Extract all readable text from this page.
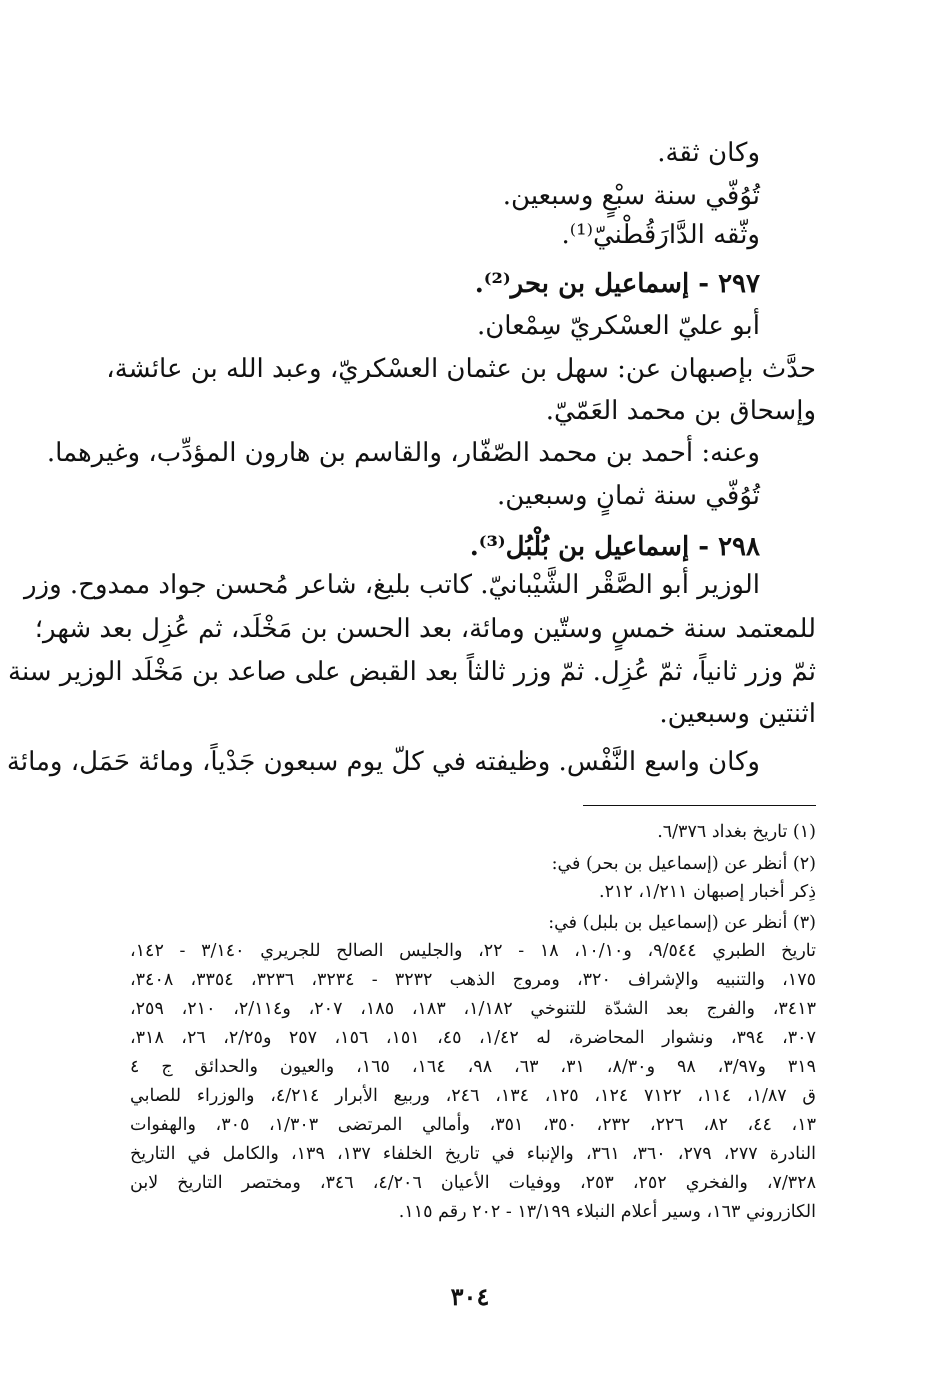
وكان ثقة.
تُوُفّي سنة سبْعٍ وسبعين.
وثّقه الدَّارَقُطْنيّ⁽¹⁾.
٢٩٧ - إسماعيل بن بحر⁽²⁾.
أبو عليّ العسْكريّ سِمْعان.
حدَّث بإصبهان عن: سهل بن عثمان العسْكريّ، وعبد الله بن عائشة،
وإسحاق بن محمد العَمّيّ.
وعنه: أحمد بن محمد الصّفّار، والقاسم بن هارون المؤدِّب، وغيرهما.
تُوُفّي سنة ثمانٍ وسبعين.
٢٩٨ - إسماعيل بن بُلْبُل⁽³⁾.
الوزير أبو الصَّقْر الشَّيْبانيّ. كاتب بليغ، شاعر مُحسن جواد ممدوح. وزر
للمعتمد سنة خمسٍ وستّين ومائة، بعد الحسن بن مَخْلَد، ثم عُزِل بعد شهر؛
ثمّ وزر ثانياً، ثمّ عُزِل. ثمّ وزر ثالثاً بعد القبض على صاعد بن مَخْلَد الوزير سنة
اثنتين وسبعين.
وكان واسع النَّفْس. وظيفته في كلّ يوم سبعون جَدْياً، ومائة حَمَل، ومائة
(١) تاريخ بغداد ٦/٣٧٦.
(٢) أنظر عن (إسماعيل بن بحر) في:
ذِكر أخبار إصبهان ١/٢١١، ٢١٢.
(٣) أنظر عن (إسماعيل بن بلبل) في:
تاريخ الطبري ٩/٥٤٤، و١٠/١٠، ١٨ - ٢٢، والجليس الصالح للجريري ٣/١٤٠ - ١٤٢،
١٧٥، والتنبيه والإشراف ٣٢٠، ومروج الذهب ٣٢٣٢ - ٣٢٣٤، ٣٢٣٦، ٣٣٥٤، ٣٤٠٨،
٣٤١٣، والفرج بعد الشدّة للتنوخي ١/١٨٢، ١٨٣، ١٨٥، ٢٠٧، و٢/١١٤، ٢١٠، ٢٥٩،
٣٠٧، ٣٩٤، ونشوار المحاضرة، له ١/٤٢، ٤٥، ١٥١، ١٥٦، ٢٥٧ و٢/٢٥، ٢٦، ٣١٨،
٣١٩ و٣/٩٧، ٩٨ و٨/٣٠، ٣١، ٦٣، ٩٨، ١٦٤، ١٦٥، والعيون والحدائق ج ٤
ق ١/٨٧، ١١٤، ٧١٢٢ ١٢٤، ١٢٥، ١٣٤، ٢٤٦، وربيع الأبرار ٤/٢١٤، والوزراء للصابي
١٣، ٤٤، ٨٢، ٢٢٦، ٢٣٢، ٣٥٠، ٣٥١، وأمالي المرتضى ١/٣٠٣، ٣٠٥، والهفوات
النادرة ٢٧٧، ٢٧٩، ٣٦٠، ٣٦١، والإنباء في تاريخ الخلفاء ١٣٧، ١٣٩، والكامل في التاريخ
٧/٣٢٨، والفخري ٢٥٢، ٢٥٣، ووفيات الأعيان ٤/٢٠٦، ٣٤٦، ومختصر التاريخ لابن
الكازروني ١٦٣، وسير أعلام النبلاء ١٣/١٩٩ - ٢٠٢ رقم ١١٥.
٣٠٤
